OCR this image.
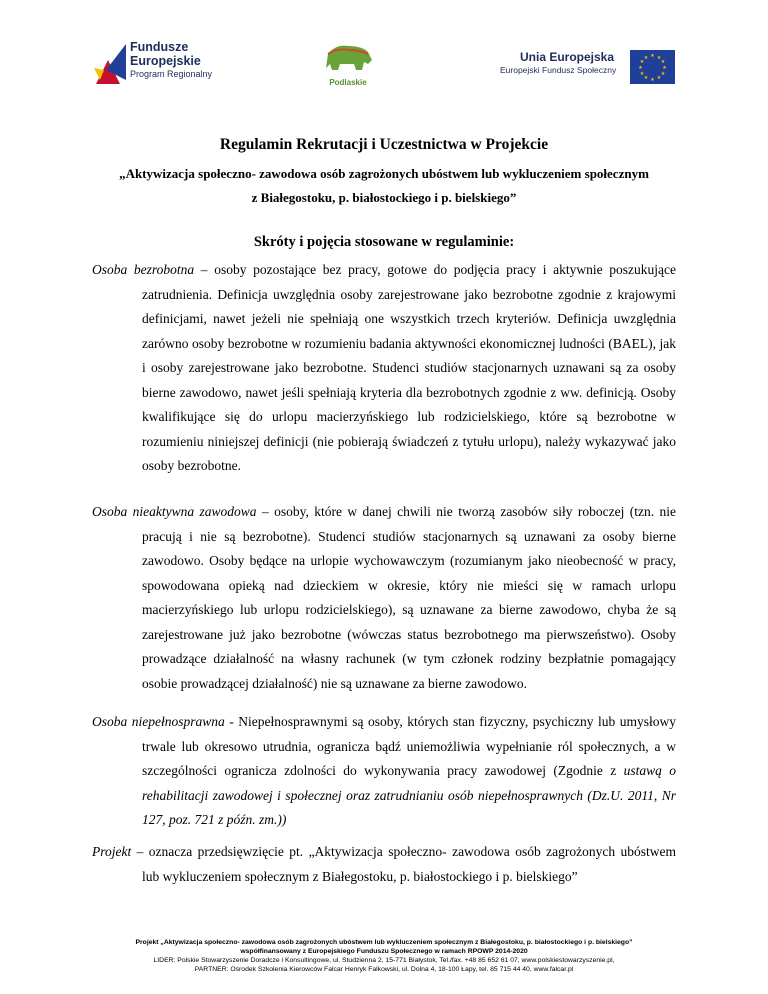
Fundusze
Europejskie
Program Regionalny
Podlaskie
Unia Europejska
Europejski Fundusz Społeczny
★ ★
★
★
★
★
★
★
★
★
★
★
Regulamin Rekrutacji i Uczestnictwa w Projekcie
„Aktywizacja społeczno- zawodowa osób zagrożonych ubóstwem lub wykluczeniem społecznym
z Białegostoku, p. białostockiego i p. bielskiego”
Skróty i pojęcia stosowane w regulaminie:

Osoba bezrobotna – osoby pozostające bez pracy, gotowe do podjęcia pracy i aktywnie poszukujące zatrudnienia. Definicja uwzględnia osoby zarejestrowane jako bezrobotne zgodnie z krajowymi definicjami, nawet jeżeli nie spełniają one wszystkich trzech kryteriów. Definicja uwzględnia zarówno osoby bezrobotne w rozumieniu badania aktywności ekonomicznej ludności (BAEL), jak i osoby zarejestrowane jako bezrobotne. Studenci studiów stacjonarnych uznawani są za osoby bierne zawodowo, nawet jeśli spełniają kryteria dla bezrobotnych zgodnie z ww. definicją. Osoby kwalifikujące się do urlopu macierzyńskiego lub rodzicielskiego, które są bezrobotne w rozumieniu niniejszej definicji (nie pobierają świadczeń z tytułu urlopu), należy wykazywać jako osoby bezrobotne.

Osoba nieaktywna zawodowa – osoby, które w danej chwili nie tworzą zasobów siły roboczej (tzn. nie pracują i nie są bezrobotne). Studenci studiów stacjonarnych są uznawani za osoby bierne zawodowo. Osoby będące na urlopie wychowawczym (rozumianym jako nieobecność w pracy, spowodowana opieką nad dzieckiem w okresie, który nie mieści się w ramach urlopu macierzyńskiego lub urlopu rodzicielskiego), są uznawane za bierne zawodowo, chyba że są zarejestrowane już jako bezrobotne (wówczas status bezrobotnego ma pierwszeństwo). Osoby prowadzące działalność na własny rachunek (w tym członek rodziny bezpłatnie pomagający osobie prowadzącej działalność) nie są uznawane za bierne zawodowo.

Osoba niepełnosprawna - Niepełnosprawnymi są osoby, których stan fizyczny, psychiczny lub umysłowy trwale lub okresowo utrudnia, ogranicza bądź uniemożliwia wypełnianie ról społecznych, a w szczególności ogranicza zdolności do wykonywania pracy zawodowej (Zgodnie z ustawą o rehabilitacji zawodowej i społecznej oraz zatrudnianiu osób niepełnosprawnych (Dz.U. 2011, Nr 127, poz. 721 z późn. zm.))

Projekt – oznacza przedsięwzięcie pt. „Aktywizacja społeczno- zawodowa osób zagrożonych ubóstwem lub wykluczeniem społecznym z Białegostoku, p. białostockiego i p. bielskiego”

Projekt „Aktywizacja społeczno- zawodowa osób zagrożonych ubóstwem lub wykluczeniem społecznym z Białegostoku, p. białostockiego i p. bielskiego”
współfinansowany z Europejskiego Funduszu Społecznego w ramach RPOWP 2014-2020
LIDER: Polskie Stowarzyszenie Doradcze i Konsultingowe, ul. Studzienna 2, 15-771 Białystok, Tel./fax. +48 85 652 61 07, www.polskiestowarzyszenie.pl,
PARTNER: Ośrodek Szkolenia Kierowców Falcar Henryk Falkowski, ul. Dolna 4, 18-100 Łapy, tel. 85 715 44 40, www.falcar.pl
